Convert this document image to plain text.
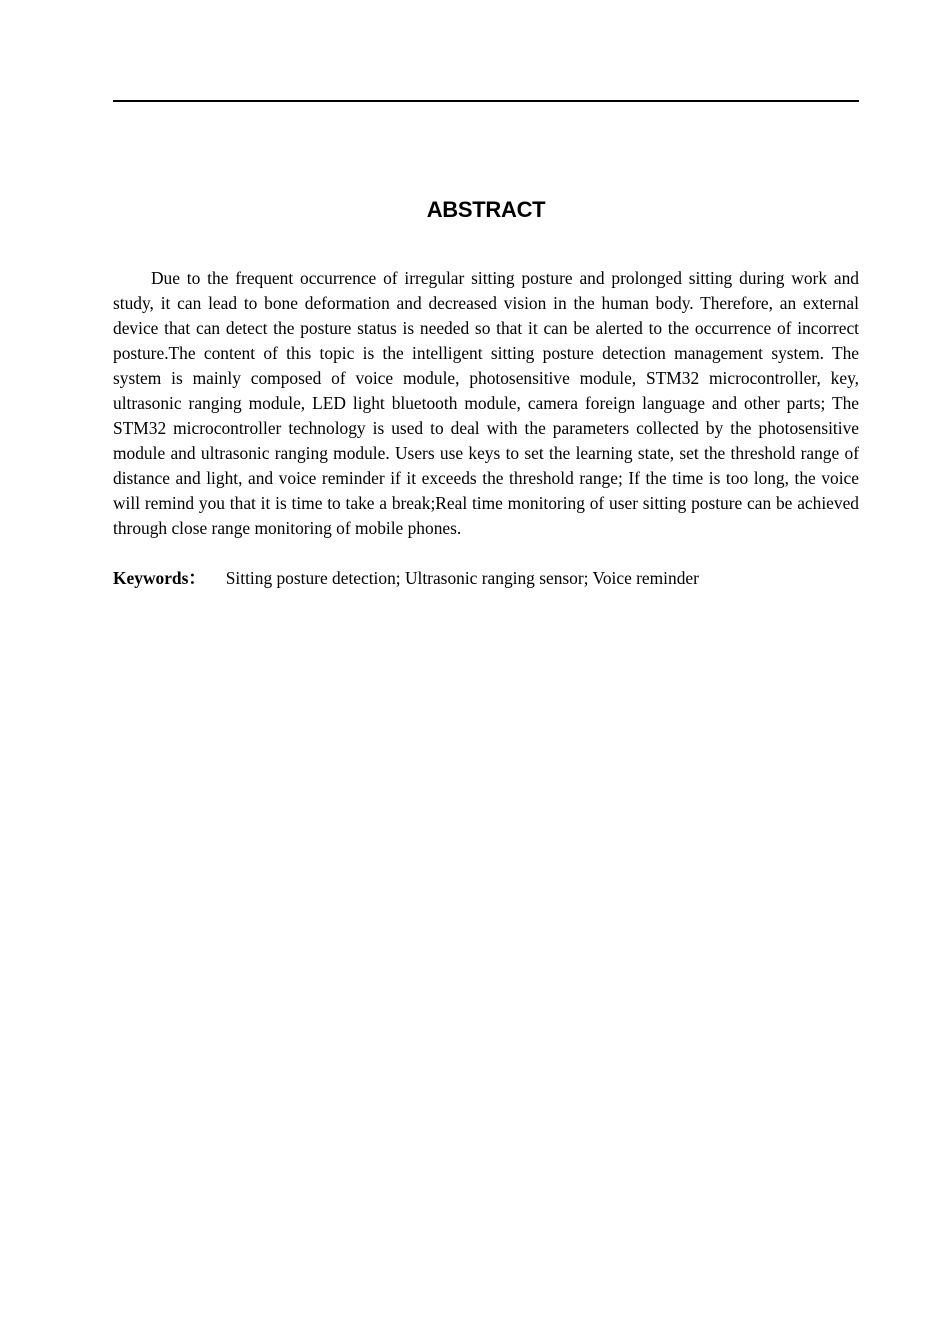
ABSTRACT

Due to the frequent occurrence of irregular sitting posture and prolonged sitting during work and study, it can lead to bone deformation and decreased vision in the human body. Therefore, an external device that can detect the posture status is needed so that it can be alerted to the occurrence of incorrect posture.The content of this topic is the intelligent sitting posture detection management system. The system is mainly composed of voice module, photosensitive module, STM32 microcontroller, key, ultrasonic ranging module, LED light bluetooth module, camera foreign language and other parts; The STM32 microcontroller technology is used to deal with the parameters collected by the photosensitive module and ultrasonic ranging module. Users use keys to set the learning state, set the threshold range of distance and light, and voice reminder if it exceeds the threshold range; If the time is too long, the voice will remind you that it is time to take a break;Real time monitoring of user sitting posture can be achieved through close range monitoring of mobile phones.

Keywords： Sitting posture detection; Ultrasonic ranging sensor; Voice reminder
